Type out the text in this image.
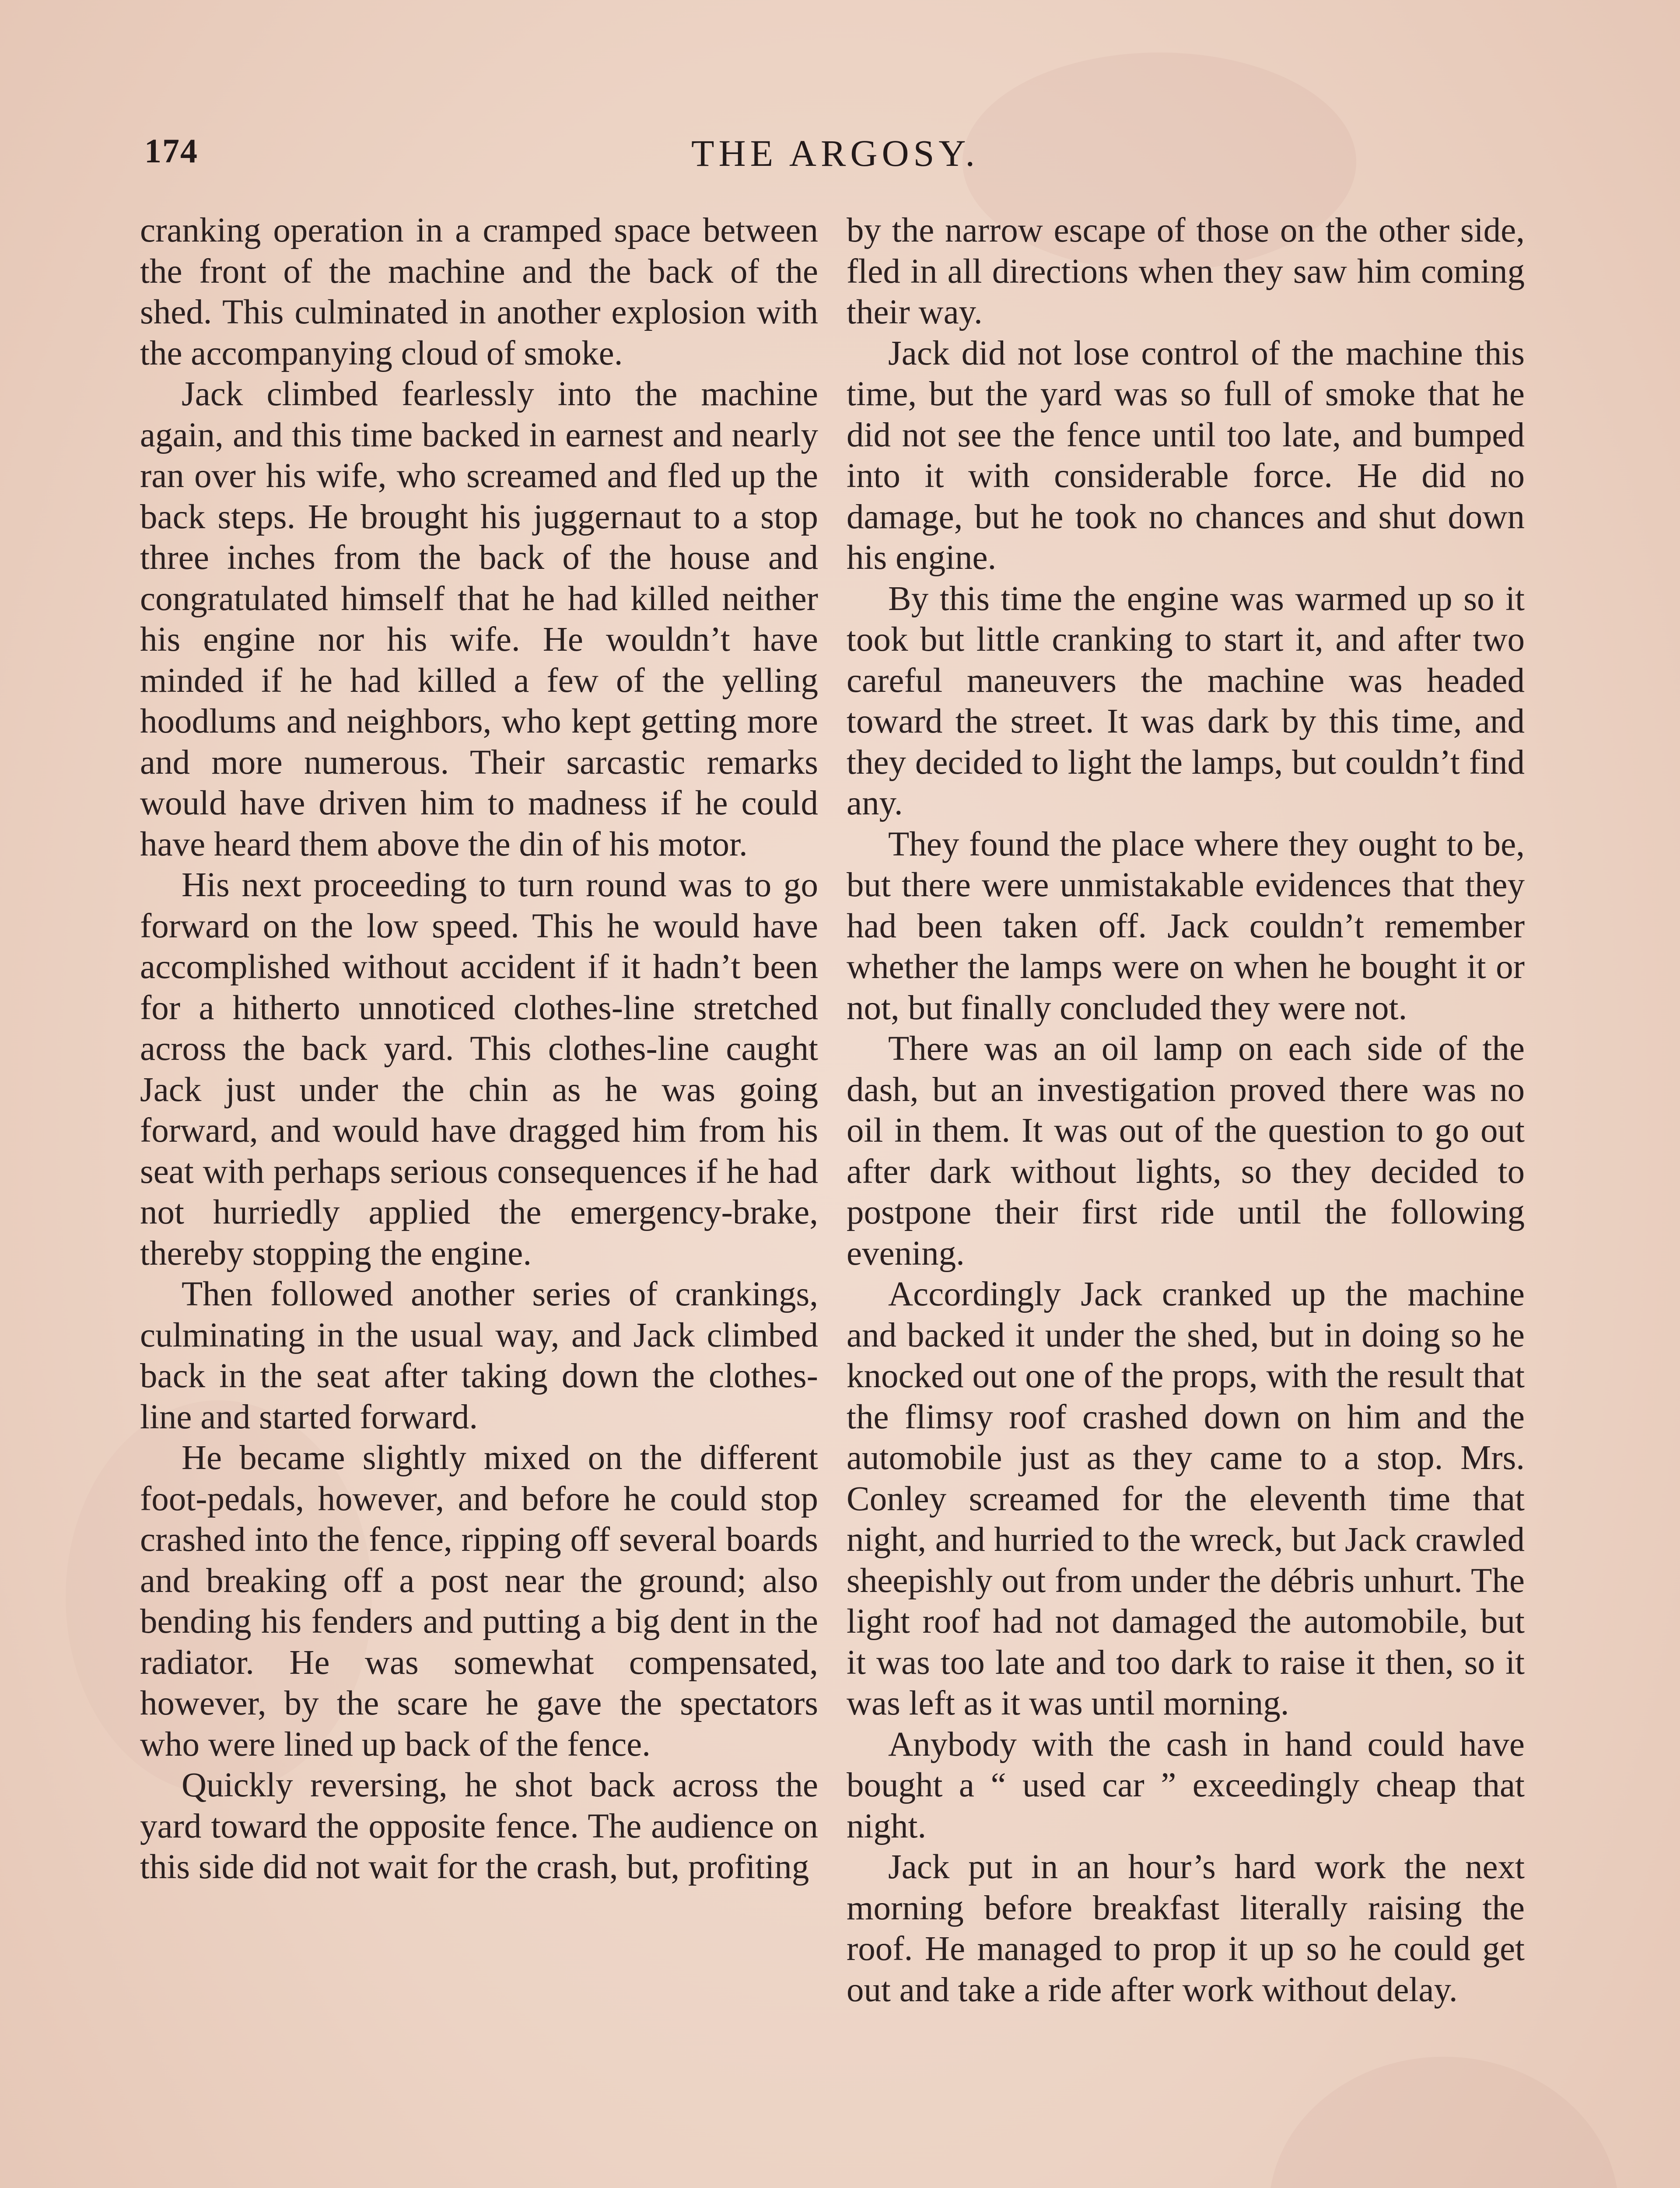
174	THE ARGOSY.

cranking operation in a cramped space between the front of the machine and the back of the shed. This culminated in another explosion with the accompanying cloud of smoke.

Jack climbed fearlessly into the machine again, and this time backed in earnest and nearly ran over his wife, who screamed and fled up the back steps. He brought his juggernaut to a stop three inches from the back of the house and congratulated himself that he had killed neither his engine nor his wife. He wouldn’t have minded if he had killed a few of the yelling hoodlums and neighbors, who kept getting more and more numerous. Their sarcastic remarks would have driven him to madness if he could have heard them above the din of his motor.

His next proceeding to turn round was to go forward on the low speed. This he would have accomplished without accident if it hadn’t been for a hitherto unnoticed clothes-line stretched across the back yard. This clothes-line caught Jack just under the chin as he was going forward, and would have dragged him from his seat with perhaps serious consequences if he had not hurriedly applied the emergency-brake, thereby stopping the engine.

Then followed another series of crankings, culminating in the usual way, and Jack climbed back in the seat after taking down the clothes-line and started forward.

He became slightly mixed on the different foot-pedals, however, and before he could stop crashed into the fence, ripping off several boards and breaking off a post near the ground; also bending his fenders and putting a big dent in the radiator. He was somewhat compensated, however, by the scare he gave the spectators who were lined up back of the fence.

Quickly reversing, he shot back across the yard toward the opposite fence. The audience on this side did not wait for the crash, but, profiting

by the narrow escape of those on the other side, fled in all directions when they saw him coming their way.

Jack did not lose control of the machine this time, but the yard was so full of smoke that he did not see the fence until too late, and bumped into it with considerable force. He did no damage, but he took no chances and shut down his engine.

By this time the engine was warmed up so it took but little cranking to start it, and after two careful maneuvers the machine was headed toward the street. It was dark by this time, and they decided to light the lamps, but couldn’t find any.

They found the place where they ought to be, but there were unmistakable evidences that they had been taken off. Jack couldn’t remember whether the lamps were on when he bought it or not, but finally concluded they were not.

There was an oil lamp on each side of the dash, but an investigation proved there was no oil in them. It was out of the question to go out after dark without lights, so they decided to postpone their first ride until the following evening.

Accordingly Jack cranked up the machine and backed it under the shed, but in doing so he knocked out one of the props, with the result that the flimsy roof crashed down on him and the automobile just as they came to a stop. Mrs. Conley screamed for the eleventh time that night, and hurried to the wreck, but Jack crawled sheepishly out from under the débris unhurt. The light roof had not damaged the automobile, but it was too late and too dark to raise it then, so it was left as it was until morning.

Anybody with the cash in hand could have bought a “ used car ” exceedingly cheap that night.

Jack put in an hour’s hard work the next morning before breakfast literally raising the roof. He managed to prop it up so he could get out and take a ride after work without delay.
